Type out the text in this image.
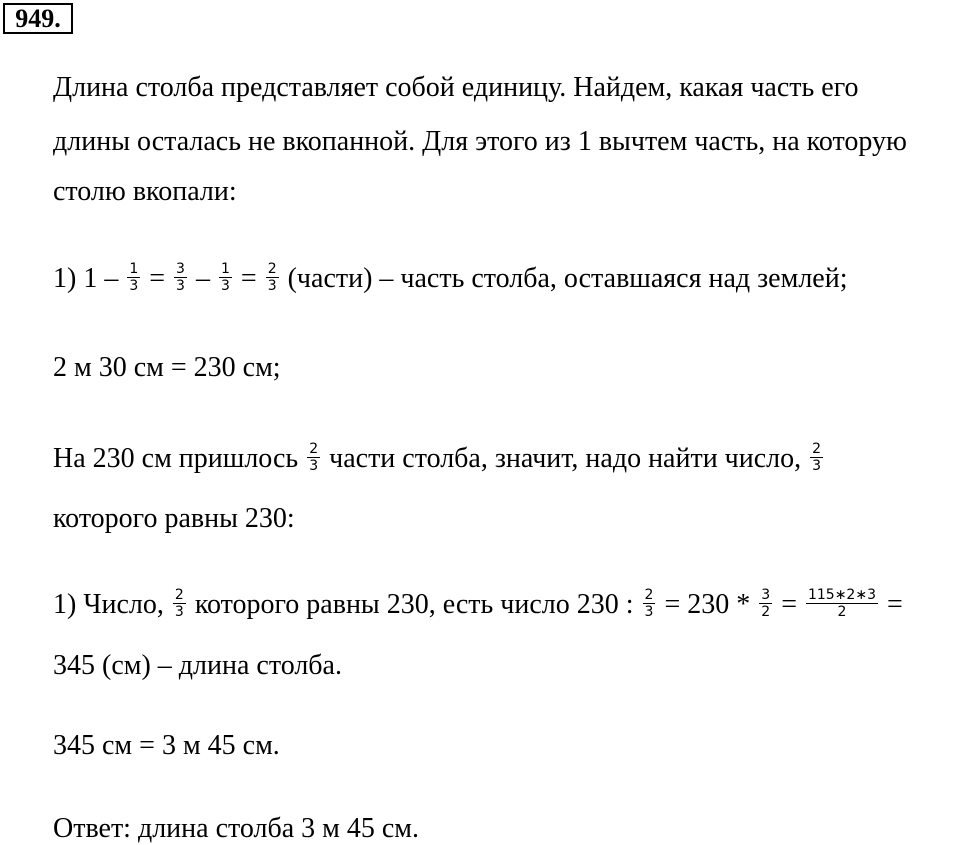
949.
Длина столба представляет собой единицу. Найдем, какая часть его
длины осталась не вкопанной. Для этого из 1 вычтем часть, на которую
столю вкопали:
1) $1 - \frac{1}{3} = \frac{3}{3} - \frac{1}{3} = \frac{2}{3}$ (части) – часть столба, оставшаяся над землей;
2 м 30 см = 230 см;
На 230 см пришлось $\frac{2}{3}$ части столба, значит, надо найти число, $\frac{2}{3}$
которого равны 230:
1) Число, $\frac{2}{3}$ которого равны 230, есть число 230 : $\frac{2}{3} = 230 * \frac{3}{2} = \frac{115∗2∗3}{2}$ =
345 (см) – длина столба.
345 см = 3 м 45 см.
Ответ: длина столба 3 м 45 см.
